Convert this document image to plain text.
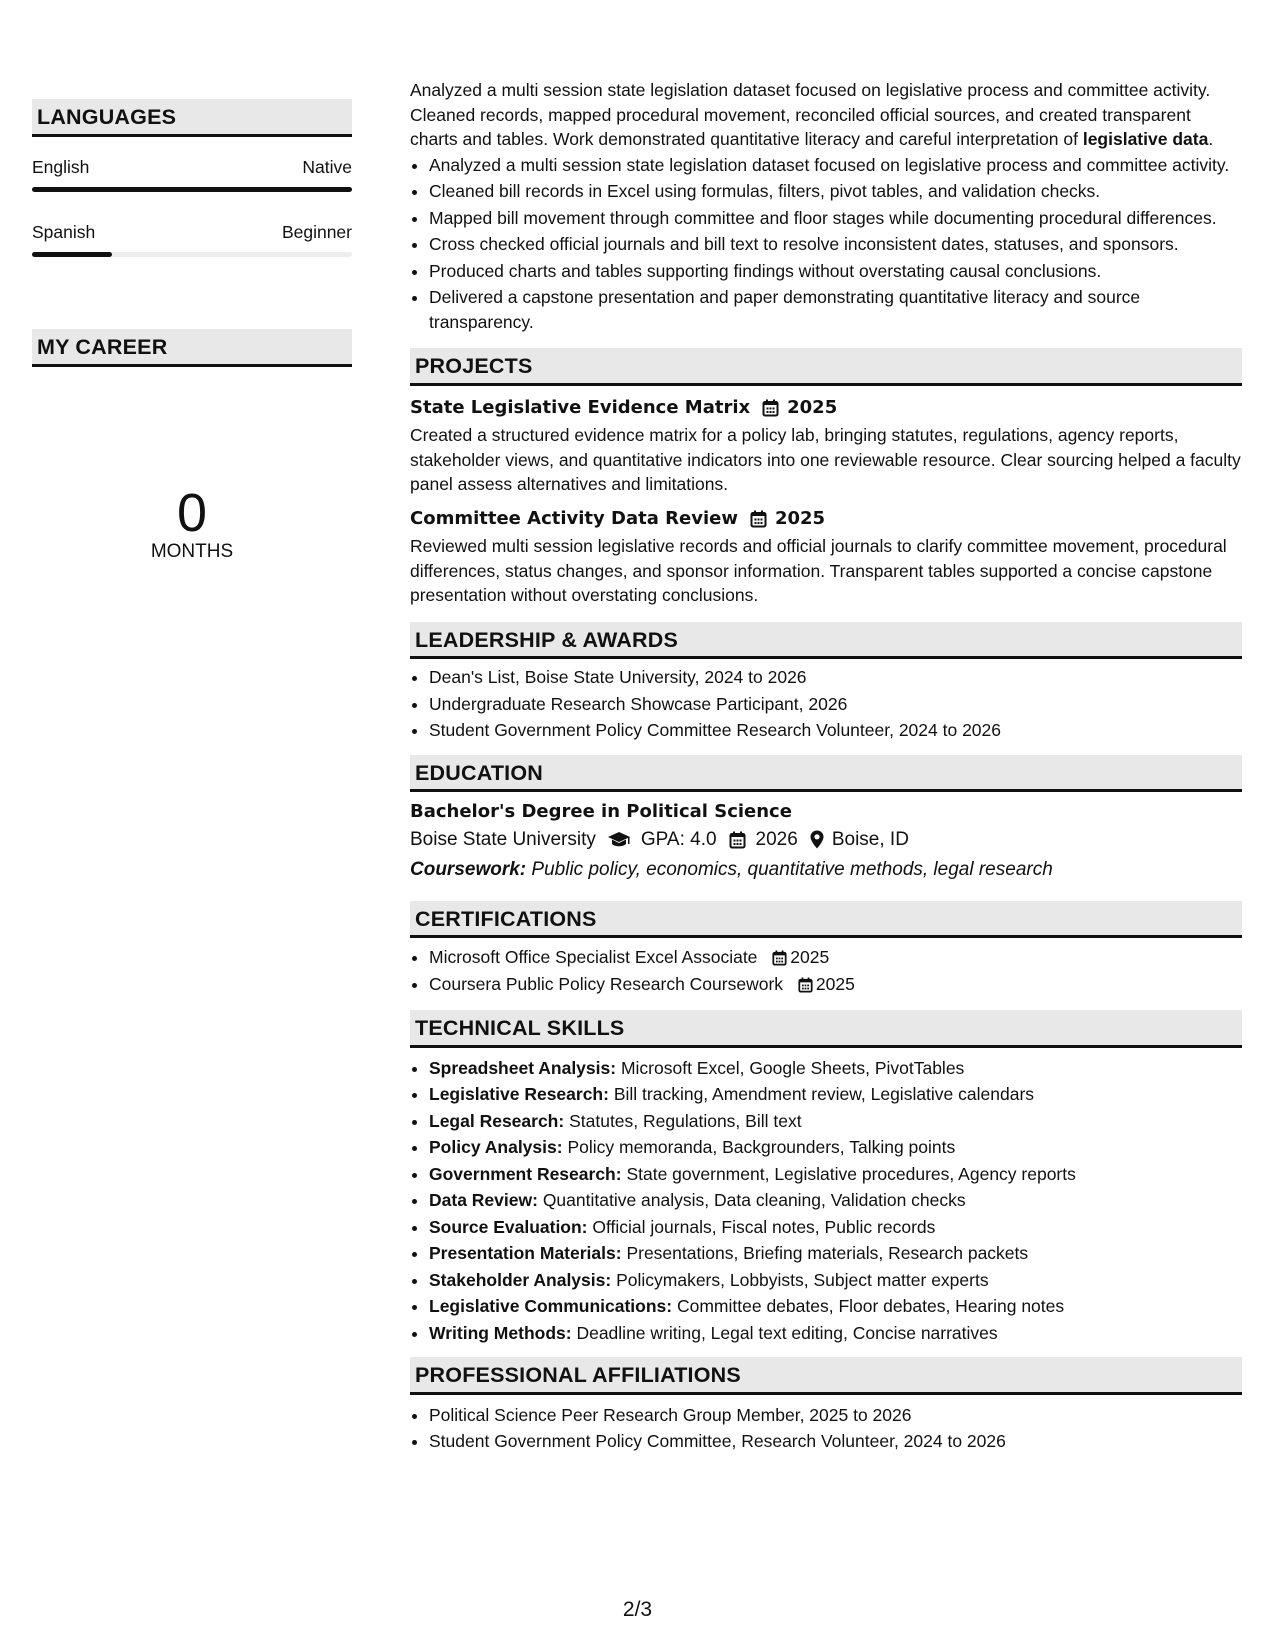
LANGUAGES
English	Native
Spanish	Beginner
MY CAREER
0
MONTHS

Analyzed a multi session state legislation dataset focused on legislative process and committee activity. Cleaned records, mapped procedural movement, reconciled official sources, and created transparent charts and tables. Work demonstrated quantitative literacy and careful interpretation of legislative data.

• Analyzed a multi session state legislation dataset focused on legislative process and committee activity.
• Cleaned bill records in Excel using formulas, filters, pivot tables, and validation checks.
• Mapped bill movement through committee and floor stages while documenting procedural differences.
• Cross checked official journals and bill text to resolve inconsistent dates, statuses, and sponsors.
• Produced charts and tables supporting findings without overstating causal conclusions.
• Delivered a capstone presentation and paper demonstrating quantitative literacy and source transparency.
PROJECTS
State Legislative Evidence Matrix 2025

Created a structured evidence matrix for a policy lab, bringing statutes, regulations, agency reports, stakeholder views, and quantitative indicators into one reviewable resource. Clear sourcing helped a faculty panel assess alternatives and limitations.

Committee Activity Data Review 2025

Reviewed multi session legislative records and official journals to clarify committee movement, procedural differences, status changes, and sponsor information. Transparent tables supported a concise capstone presentation without overstating conclusions.

LEADERSHIP & AWARDS
• Dean's List, Boise State University, 2024 to 2026
• Undergraduate Research Showcase Participant, 2026
• Student Government Policy Committee Research Volunteer, 2024 to 2026
EDUCATION
Bachelor's Degree in Political Science
Boise State University GPA: 4.0 2026 Boise, ID
Coursework: Public policy, economics, quantitative methods, legal research
CERTIFICATIONS
• Microsoft Office Specialist Excel Associate 2025
• Coursera Public Policy Research Coursework 2025
TECHNICAL SKILLS
• Spreadsheet Analysis: Microsoft Excel, Google Sheets, PivotTables
• Legislative Research: Bill tracking, Amendment review, Legislative calendars
• Legal Research: Statutes, Regulations, Bill text
• Policy Analysis: Policy memoranda, Backgrounders, Talking points
• Government Research: State government, Legislative procedures, Agency reports
• Data Review: Quantitative analysis, Data cleaning, Validation checks
• Source Evaluation: Official journals, Fiscal notes, Public records
• Presentation Materials: Presentations, Briefing materials, Research packets
• Stakeholder Analysis: Policymakers, Lobbyists, Subject matter experts
• Legislative Communications: Committee debates, Floor debates, Hearing notes
• Writing Methods: Deadline writing, Legal text editing, Concise narratives
PROFESSIONAL AFFILIATIONS
• Political Science Peer Research Group Member, 2025 to 2026
• Student Government Policy Committee, Research Volunteer, 2024 to 2026
2/3
